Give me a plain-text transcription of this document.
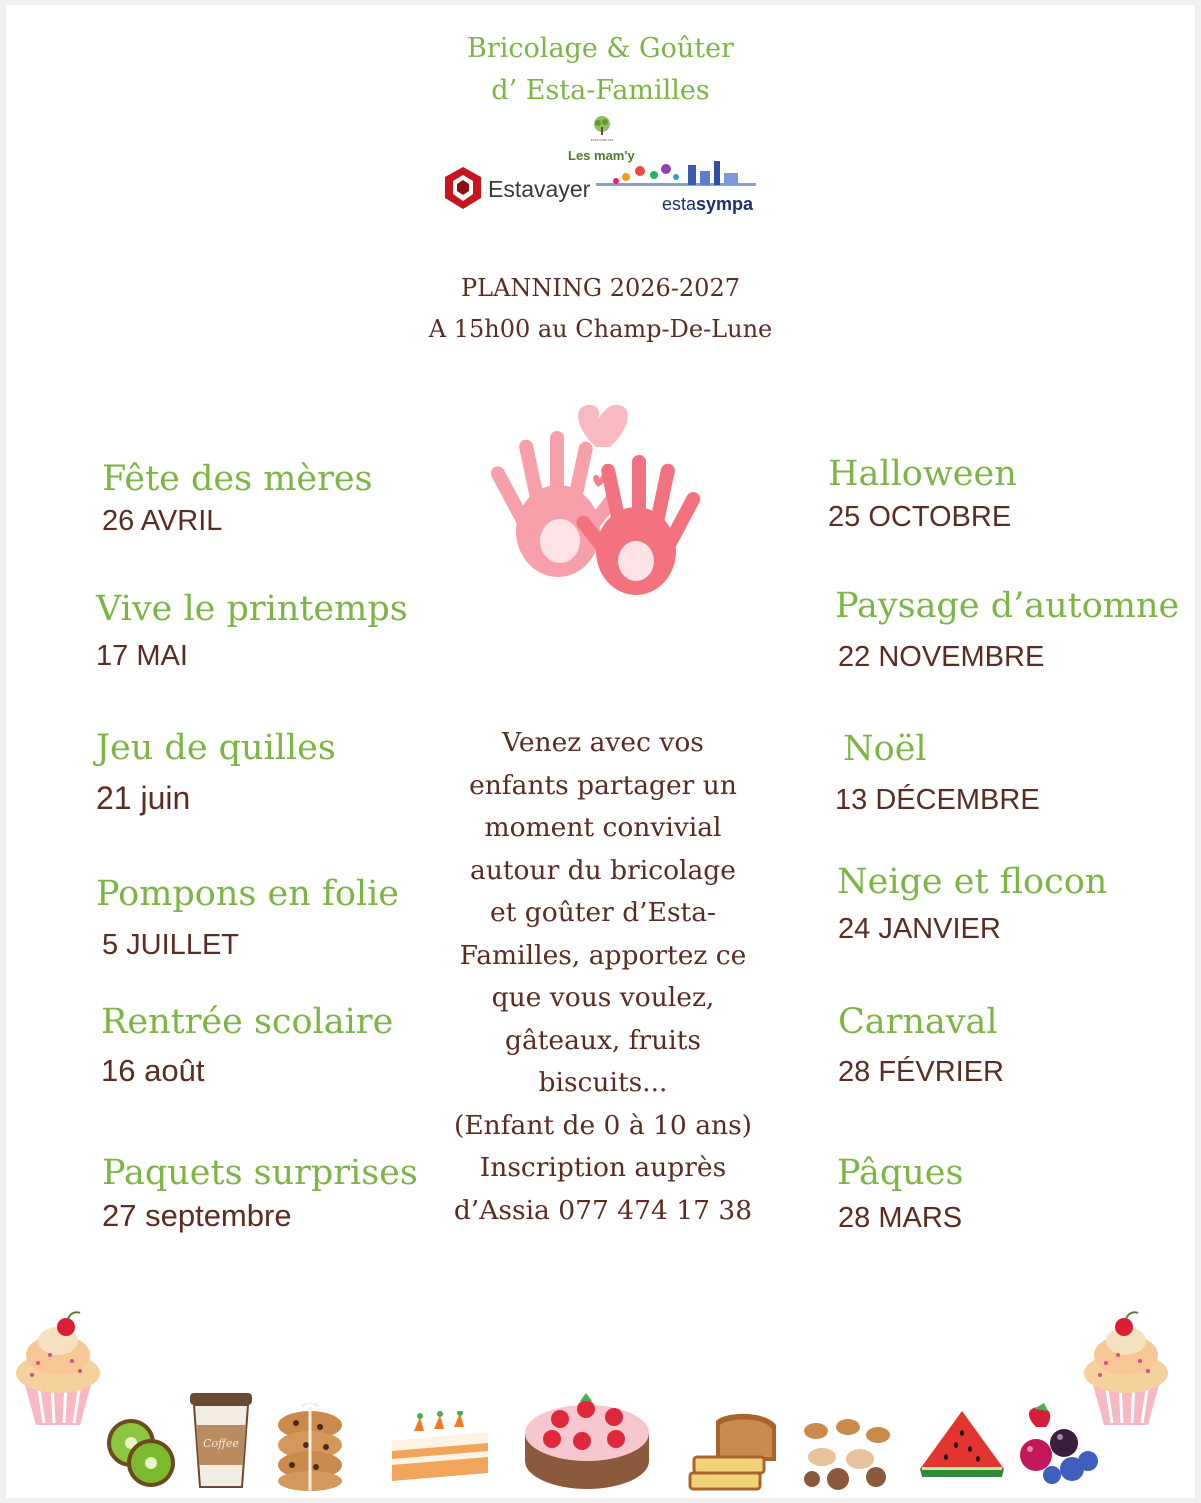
Bricolage & Goûter
d’ Esta-Familles
ESTA-FAMILLES
Les mam'y
Estavayer
estasympa
PLANNING 2026-2027
A 15h00 au Champ-De-Lune
Fête des mères
26 AVRIL
Vive le printemps
17 MAI
Jeu de quilles
21 juin
Pompons en folie
5 JUILLET
Rentrée scolaire
16 août
Paquets surprises
27 septembre
Halloween
25 OCTOBRE
Paysage d’automne
22 NOVEMBRE
Noël
13 DÉCEMBRE
Neige et flocon
24 JANVIER
Carnaval
28 FÉVRIER
Pâques
28 MARS
Venez avec vos
enfants partager un
moment convivial
autour du bricolage
et goûter d’Esta-
Familles, apportez ce
que vous voulez,
gâteaux, fruits
biscuits...
(Enfant de 0 à 10 ans)
Inscription auprès
d’Assia 077 474 17 38
Coffee
